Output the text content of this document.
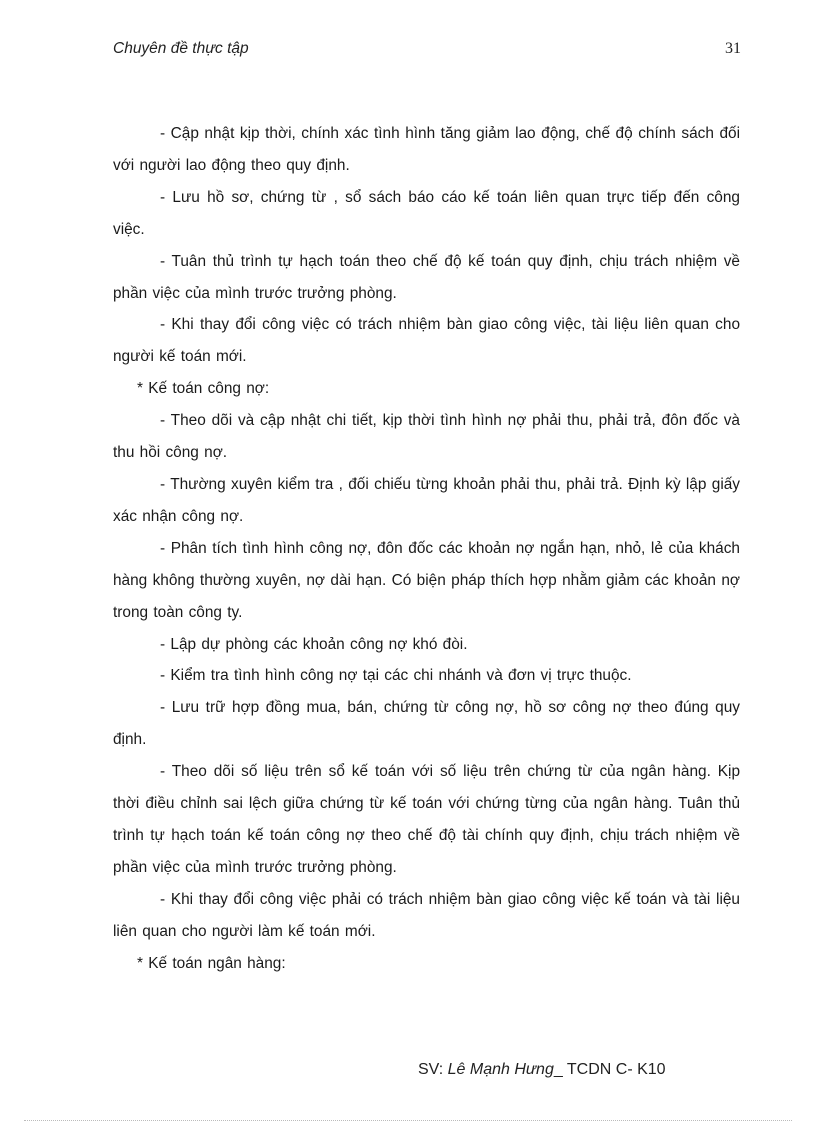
Chuyên đề thực tập	31

- Cập nhật kịp thời, chính xác tình hình tăng giảm lao động, chế độ chính sách đối với người lao động theo quy định.

- Lưu hồ sơ, chứng từ , sổ sách báo cáo kế toán liên quan trực tiếp đến công việc.

- Tuân thủ trình tự hạch toán theo chế độ kế toán quy định, chịu trách nhiệm về phần việc của mình trước trưởng phòng.

- Khi thay đổi công việc có trách nhiệm bàn giao công việc, tài liệu liên quan cho người kế toán mới.

* Kế toán công nợ:

- Theo dõi và cập nhật chi tiết, kịp thời tình hình nợ phải thu, phải trả, đôn đốc và thu hồi công nợ.

- Thường xuyên kiểm tra , đối chiếu từng khoản phải thu, phải trả. Định kỳ lập giấy xác nhận công nợ.

- Phân tích tình hình công nợ, đôn đốc các khoản nợ ngắn hạn, nhỏ, lẻ của khách hàng không thường xuyên, nợ dài hạn. Có biện pháp thích hợp nhằm giảm các khoản nợ trong toàn công ty.

- Lập dự phòng các khoản công nợ khó đòi.

- Kiểm tra tình hình công nợ tại các chi nhánh và đơn vị trực thuộc.

- Lưu trữ hợp đồng mua, bán, chứng từ công nợ, hồ sơ công nợ theo đúng quy định.

- Theo dõi số liệu trên sổ kế toán với số liệu trên chứng từ của ngân hàng. Kịp thời điều chỉnh sai lệch giữa chứng từ kế toán với chứng từng của ngân hàng. Tuân thủ trình tự hạch toán kế toán công nợ theo chế độ tài chính quy định, chịu trách nhiệm về phần việc của mình trước trưởng phòng.

- Khi thay đổi công việc phải có trách nhiệm bàn giao công việc kế toán và tài liệu liên quan cho người làm kế toán mới.

* Kế toán ngân hàng:

SV: Lê Mạnh Hưng_ TCDN C- K10
